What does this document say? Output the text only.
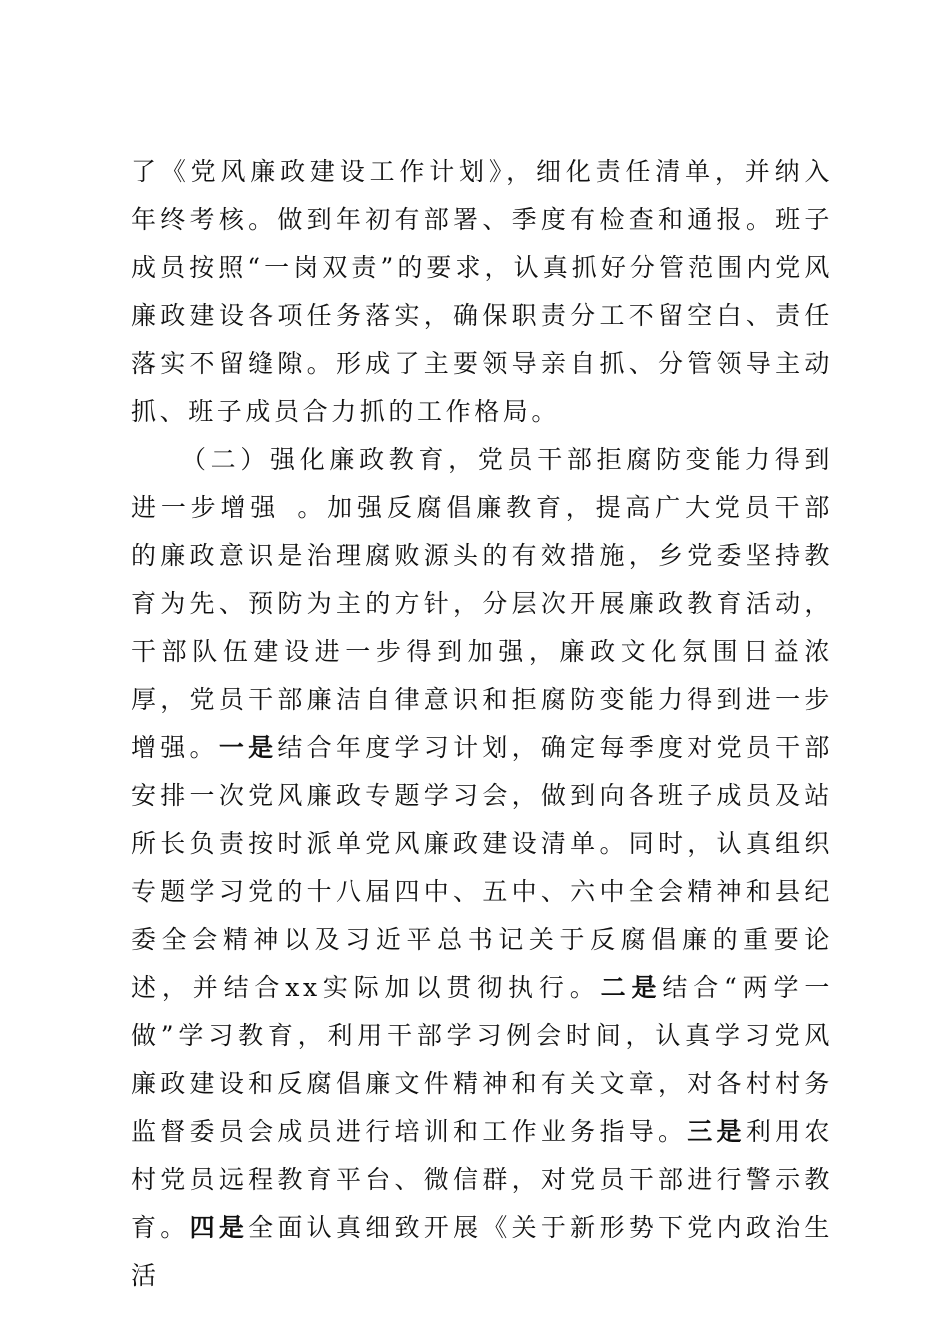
了《党风廉政建设工作计划》，细化责任清单，并纳入年终考核。做到年初有部署、季度有检查和通报。班子成员按照“一岗双责”的要求，认真抓好分管范围内党风廉政建设各项任务落实，确保职责分工不留空白、责任落实不留缝隙。形成了主要领导亲自抓、分管领导主动抓、班子成员合力抓的工作格局。

（二）强化廉政教育，党员干部拒腐防变能力得到进一步增强 。加强反腐倡廉教育，提高广大党员干部的廉政意识是治理腐败源头的有效措施，乡党委坚持教育为先、预防为主的方针，分层次开展廉政教育活动，干部队伍建设进一步得到加强，廉政文化氛围日益浓厚，党员干部廉洁自律意识和拒腐防变能力得到进一步增强。一是结合年度学习计划，确定每季度对党员干部安排一次党风廉政专题学习会，做到向各班子成员及站所长负责按时派单党风廉政建设清单。同时，认真组织专题学习党的十八届四中、五中、六中全会精神和县纪委全会精神以及习近平总书记关于反腐倡廉的重要论述，并结合xx实际加以贯彻执行。二是结合“两学一做”学习教育，利用干部学习例会时间，认真学习党风廉政建设和反腐倡廉文件精神和有关文章，对各村村务监督委员会成员进行培训和工作业务指导。三是利用农村党员远程教育平台、微信群，对党员干部进行警示教育。四是全面认真细致开展《关于新形势下党内政治生活
